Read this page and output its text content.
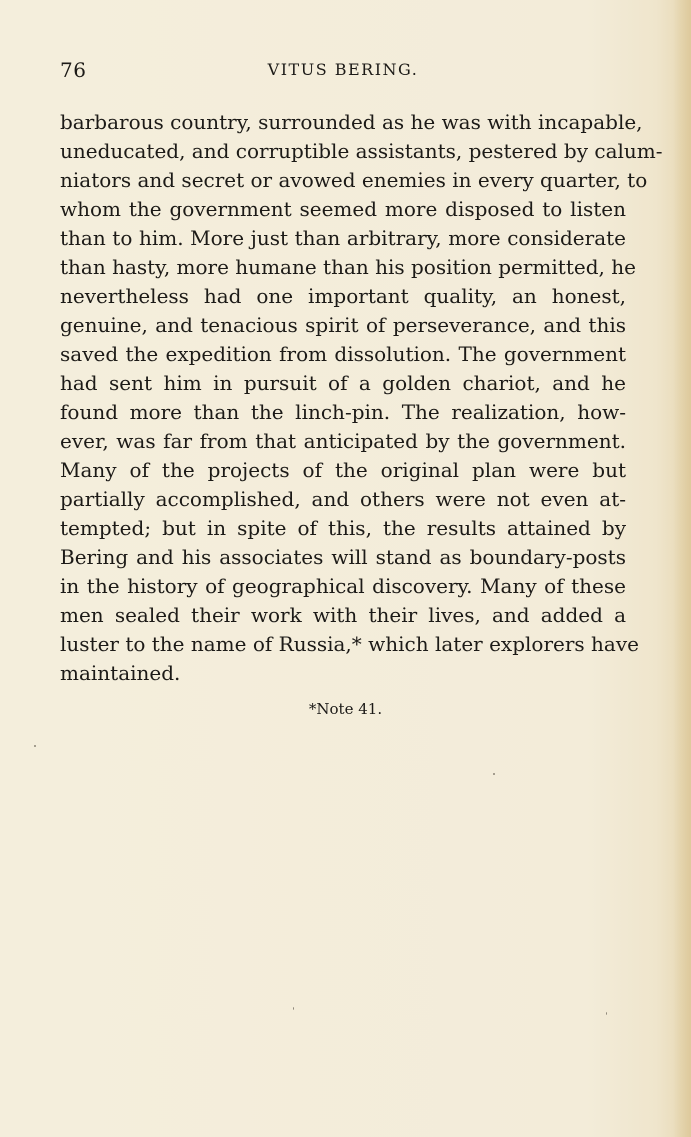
76	VITUS BERING.
barbarous country, surrounded as he was with incapable,
uneducated, and corruptible assistants, pestered by calum-
niators and secret or avowed enemies in every quarter, to
whom the government seemed more disposed to listen
than to him. More just than arbitrary, more considerate
than hasty, more humane than his position permitted, he
nevertheless had one important quality, an honest,
genuine, and tenacious spirit of perseverance, and this
saved the expedition from dissolution. The government
had sent him in pursuit of a golden chariot, and he
found more than the linch-pin. The realization, how-
ever, was far from that anticipated by the government.
Many of the projects of the original plan were but
partially accomplished, and others were not even at-
tempted; but in spite of this, the results attained by
Bering and his associates will stand as boundary-posts
in the history of geographical discovery. Many of these
men sealed their work with their lives, and added a
luster to the name of Russia,* which later explorers have
maintained.
*Note 41.
